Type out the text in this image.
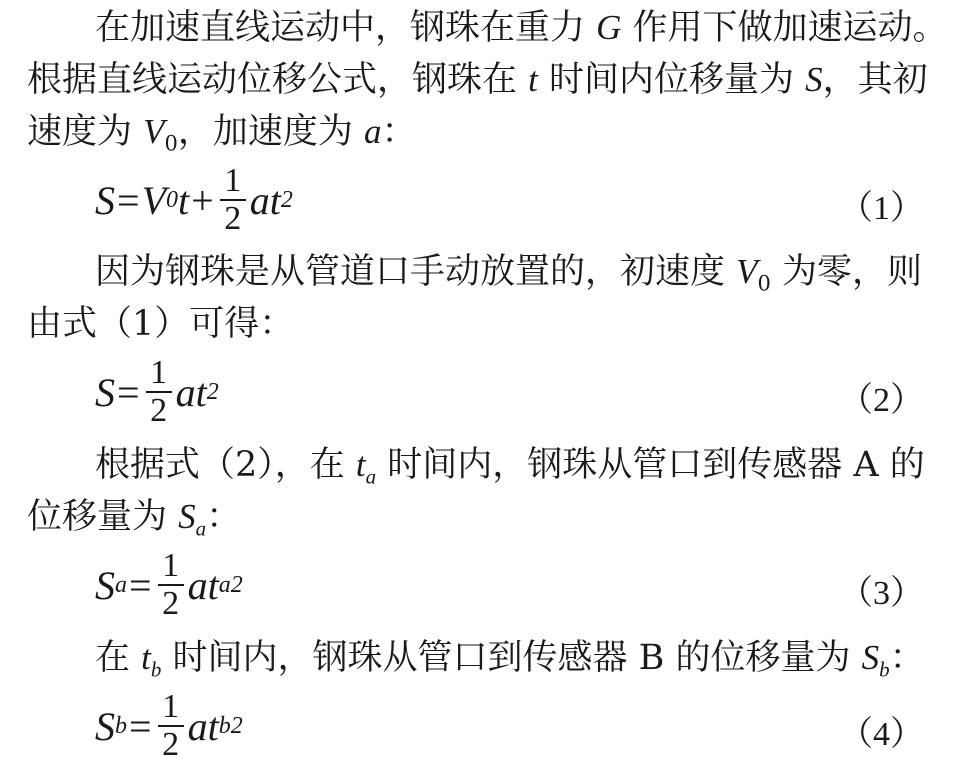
在加速直线运动中，钢珠在重力 G 作用下做加速运动。
根据直线运动位移公式，钢珠在 t 时间内位移量为 S，其初
速度为 $V_0$，加速度为 a：
S = V 0 $t + \frac{1}{2}$ at 2	（1）
因为钢珠是从管道口手动放置的，初速度 $V_0$ 为零，则
由式（1）可得：
$S = \frac{1}{2}$ at 2	（2）
根据式（2），在 $t_a$ 时间内，钢珠从管口到传感器 A 的
位移量为 $S_a$：
S $a = \frac{1}{2}$ at a 2	（3）
在 $t_b$ 时间内，钢珠从管口到传感器 B 的位移量为 $S_b$：
S $b = \frac{1}{2}$ at b 2	（4）
